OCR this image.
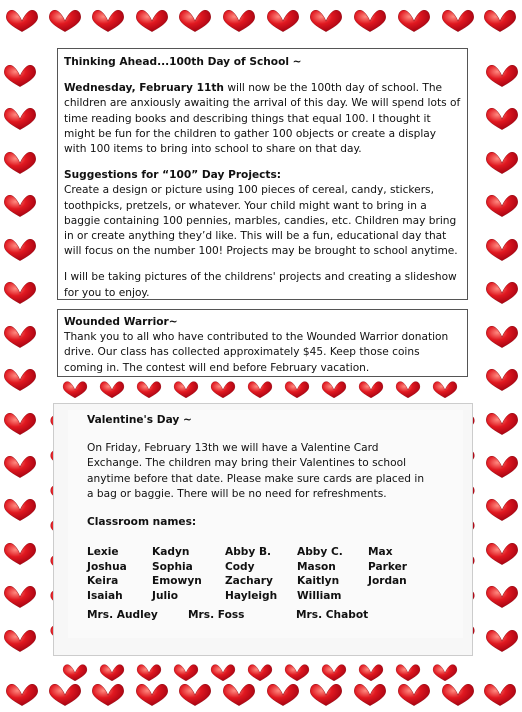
Thinking Ahead...100th Day of School ~

Wednesday, February 11th will now be the 100th day of school. The children are anxiously awaiting the arrival of this day. We will spend lots of time reading books and describing things that equal 100. I thought it might be fun for the children to gather 100 objects or create a display with 100 items to bring into school to share on that day.

Suggestions for “100” Day Projects:

Create a design or picture using 100 pieces of cereal, candy, stickers, toothpicks, pretzels, or whatever. Your child might want to bring in a baggie containing 100 pennies, marbles, candies, etc. Children may bring in or create anything they’d like. This will be a fun, educational day that will focus on the number 100! Projects may be brought to school anytime.

I will be taking pictures of the childrens' projects and creating a slideshow for you to enjoy.

Wounded Warrior~

Thank you to all who have contributed to the Wounded Warrior donation drive. Our class has collected approximately $45. Keep those coins coming in. The contest will end before February vacation.

Valentine's Day ~

On Friday, February 13th we will have a Valentine Card Exchange. The children may bring their Valentines to school anytime before that date. Please make sure cards are placed in a bag or baggie. There will be no need for refreshments.

Classroom names:

Lexie
Joshua
Keira
Isaiah
Kadyn
Sophia
Emowyn
Julio
Abby B.
Cody
Zachary
Hayleigh
Abby C.
Mason
Kaitlyn
William
Max
Parker
Jordan
Mrs. Audley	Mrs. Foss	Mrs. Chabot
